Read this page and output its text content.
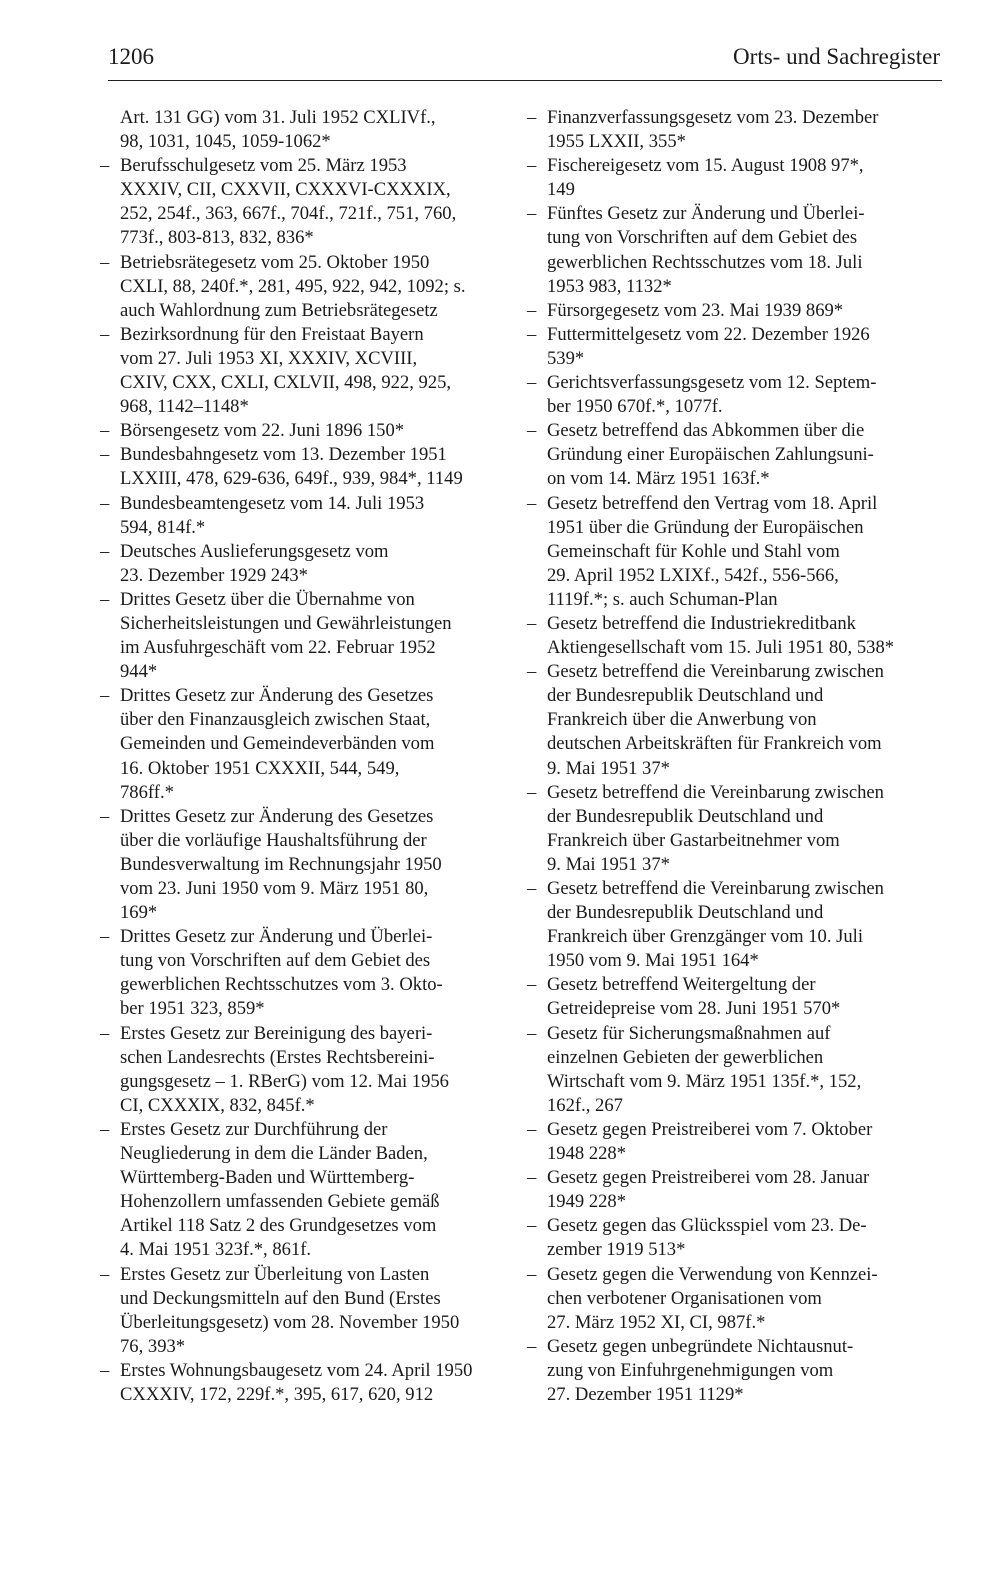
1206	Orts- und Sachregister
Art. 131 GG) vom 31. Juli 1952 CXLIVf.,
98, 1031, 1045, 1059-1062*
– Berufsschulgesetz vom 25. März 1953
XXXIV, CII, CXXVII, CXXXVI-CXXXIX,
252, 254f., 363, 667f., 704f., 721f., 751, 760,
773f., 803-813, 832, 836*
– Betriebsrätegesetz vom 25. Oktober 1950
CXLI, 88, 240f.*, 281, 495, 922, 942, 1092; s.
auch Wahlordnung zum Betriebsrätegesetz
– Bezirksordnung für den Freistaat Bayern
vom 27. Juli 1953 XI, XXXIV, XCVIII,
CXIV, CXX, CXLI, CXLVII, 498, 922, 925,
968, 1142–1148*
– Börsengesetz vom 22. Juni 1896 150*
– Bundesbahngesetz vom 13. Dezember 1951
LXXIII, 478, 629-636, 649f., 939, 984*, 1149
– Bundesbeamtengesetz vom 14. Juli 1953
594, 814f.*
– Deutsches Auslieferungsgesetz vom
23. Dezember 1929 243*
– Drittes Gesetz über die Übernahme von
Sicherheitsleistungen und Gewährleistungen
im Ausfuhrgeschäft vom 22. Februar 1952
944*
– Drittes Gesetz zur Änderung des Gesetzes
über den Finanzausgleich zwischen Staat,
Gemeinden und Gemeindeverbänden vom
16. Oktober 1951 CXXXII, 544, 549,
786ff.*
– Drittes Gesetz zur Änderung des Gesetzes
über die vorläufige Haushaltsführung der
Bundesverwaltung im Rechnungsjahr 1950
vom 23. Juni 1950 vom 9. März 1951 80,
169*
– Drittes Gesetz zur Änderung und Überlei-
tung von Vorschriften auf dem Gebiet des
gewerblichen Rechtsschutzes vom 3. Okto-
ber 1951 323, 859*
– Erstes Gesetz zur Bereinigung des bayeri-
schen Landesrechts (Erstes Rechtsbereini-
gungsgesetz – 1. RBerG) vom 12. Mai 1956
CI, CXXXIX, 832, 845f.*
– Erstes Gesetz zur Durchführung der
Neugliederung in dem die Länder Baden,
Württemberg-Baden und Württemberg-
Hohenzollern umfassenden Gebiete gemäß
Artikel 118 Satz 2 des Grundgesetzes vom
4. Mai 1951 323f.*, 861f.
– Erstes Gesetz zur Überleitung von Lasten
und Deckungsmitteln auf den Bund (Erstes
Überleitungsgesetz) vom 28. November 1950
76, 393*
– Erstes Wohnungsbaugesetz vom 24. April 1950
CXXXIV, 172, 229f.*, 395, 617, 620, 912
– Finanzverfassungsgesetz vom 23. Dezember
1955 LXXII, 355*
– Fischereigesetz vom 15. August 1908 97*,
149
– Fünftes Gesetz zur Änderung und Überlei-
tung von Vorschriften auf dem Gebiet des
gewerblichen Rechtsschutzes vom 18. Juli
1953 983, 1132*
– Fürsorgegesetz vom 23. Mai 1939 869*
– Futtermittelgesetz vom 22. Dezember 1926
539*
– Gerichtsverfassungsgesetz vom 12. Septem-
ber 1950 670f.*, 1077f.
– Gesetz betreffend das Abkommen über die
Gründung einer Europäischen Zahlungsuni-
on vom 14. März 1951 163f.*
– Gesetz betreffend den Vertrag vom 18. April
1951 über die Gründung der Europäischen
Gemeinschaft für Kohle und Stahl vom
29. April 1952 LXIXf., 542f., 556-566,
1119f.*; s. auch Schuman-Plan
– Gesetz betreffend die Industriekreditbank
Aktiengesellschaft vom 15. Juli 1951 80, 538*
– Gesetz betreffend die Vereinbarung zwischen
der Bundesrepublik Deutschland und
Frankreich über die Anwerbung von
deutschen Arbeitskräften für Frankreich vom
9. Mai 1951 37*
– Gesetz betreffend die Vereinbarung zwischen
der Bundesrepublik Deutschland und
Frankreich über Gastarbeitnehmer vom
9. Mai 1951 37*
– Gesetz betreffend die Vereinbarung zwischen
der Bundesrepublik Deutschland und
Frankreich über Grenzgänger vom 10. Juli
1950 vom 9. Mai 1951 164*
– Gesetz betreffend Weitergeltung der
Getreidepreise vom 28. Juni 1951 570*
– Gesetz für Sicherungsmaßnahmen auf
einzelnen Gebieten der gewerblichen
Wirtschaft vom 9. März 1951 135f.*, 152,
162f., 267
– Gesetz gegen Preistreiberei vom 7. Oktober
1948 228*
– Gesetz gegen Preistreiberei vom 28. Januar
1949 228*
– Gesetz gegen das Glücksspiel vom 23. De-
zember 1919 513*
– Gesetz gegen die Verwendung von Kennzei-
chen verbotener Organisationen vom
27. März 1952 XI, CI, 987f.*
– Gesetz gegen unbegründete Nichtausnut-
zung von Einfuhrgenehmigungen vom
27. Dezember 1951 1129*
